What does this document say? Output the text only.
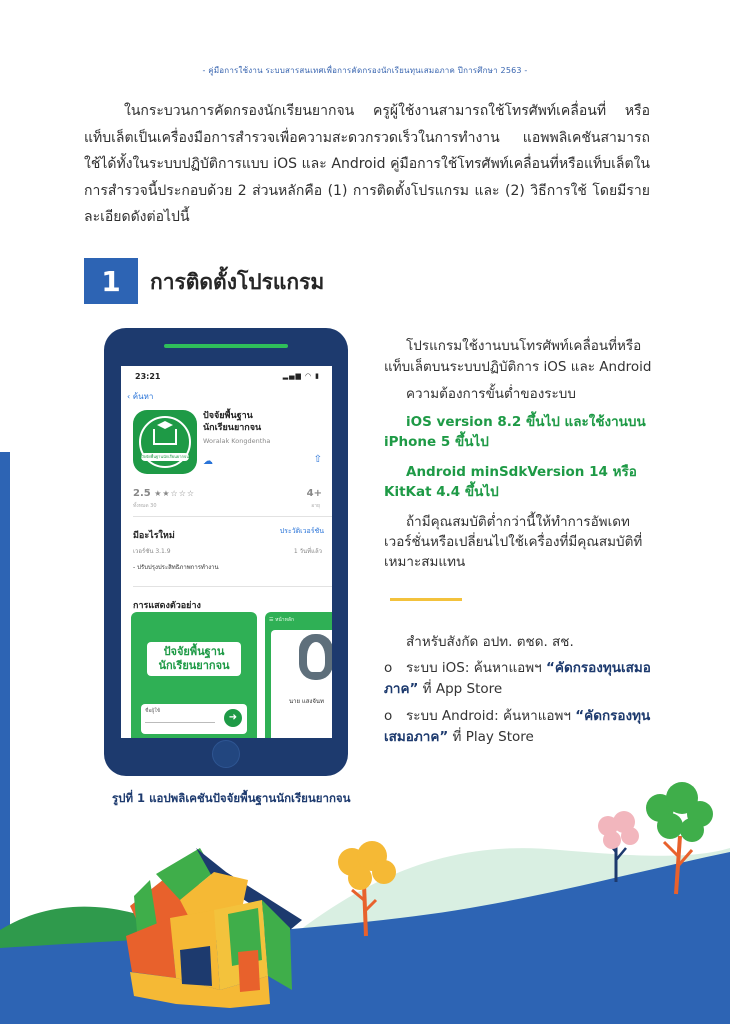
- คู่มือการใช้งาน ระบบสารสนเทศเพื่อการคัดกรองนักเรียนทุนเสมอภาค ปีการศึกษา 2563 -

ในกระบวนการคัดกรองนักเรียนยากจน ครูผู้ใช้งานสามารถใช้โทรศัพท์เคลื่อนที่ หรือแท็บเล็ตเป็นเครื่องมือการสำรวจเพื่อความสะดวกรวดเร็วในการทำงาน แอพพลิเคชันสามารถใช้ได้ทั้งในระบบปฏิบัติการแบบ iOS และ Android คู่มือการใช้โทรศัพท์เคลื่อนที่หรือแท็บเล็ตในการสำรวจนี้ประกอบด้วย 2 ส่วนหลักคือ (1) การติดตั้งโปรแกรม และ (2) วิธีการใช้ โดยมีรายละเอียดดังต่อไปนี้

1	การติดตั้งโปรแกรม
23:21	▂▄▆ ◠ ▮
‹ ค้นหา
ปัจจัยพื้นฐานนักเรียนยากจน
ปัจจัยพื้นฐาน
นักเรียนยากจน
Woralak Kongdentha
☁	⇧
2.5 ★★☆☆☆
ทั้งหมด 30
4+
อายุ
มีอะไรใหม่	ประวัติเวอร์ชัน
เวอร์ชัน 3.1.9	1 วันที่แล้ว
- ปรับปรุงประสิทธิภาพการทำงาน
การแสดงตัวอย่าง
ปัจจัยพื้นฐาน
นักเรียนยากจน
ชื่อผู้ใช้
➜
☰ หน้าหลัก
นาย แสงจันท
รูปที่ 1 แอปพลิเคชันปัจจัยพื้นฐานนักเรียนยากจน

โปรแกรมใช้งานบนโทรศัพท์เคลื่อนที่หรือแท็บเล็ตบนระบบปฏิบัติการ iOS และ Android

ความต้องการขั้นต่ำของระบบ

iOS version 8.2 ขึ้นไป และใช้งานบน iPhone 5 ขึ้นไป

Android minSdkVersion 14 หรือ KitKat 4.4 ขึ้นไป

ถ้ามีคุณสมบัติต่ำกว่านี้ให้ทำการอัพเดทเวอร์ชั่นหรือเปลี่ยนไปใช้เครื่องที่มีคุณสมบัติที่เหมาะสมแทน

สำหรับสังกัด อปท. ตชด. สช.

o ระบบ iOS: ค้นหาแอพฯ “คัดกรองทุนเสมอภาค” ที่ App Store

o ระบบ Android: ค้นหาแอพฯ “คัดกรองทุนเสมอภาค” ที่ Play Store
